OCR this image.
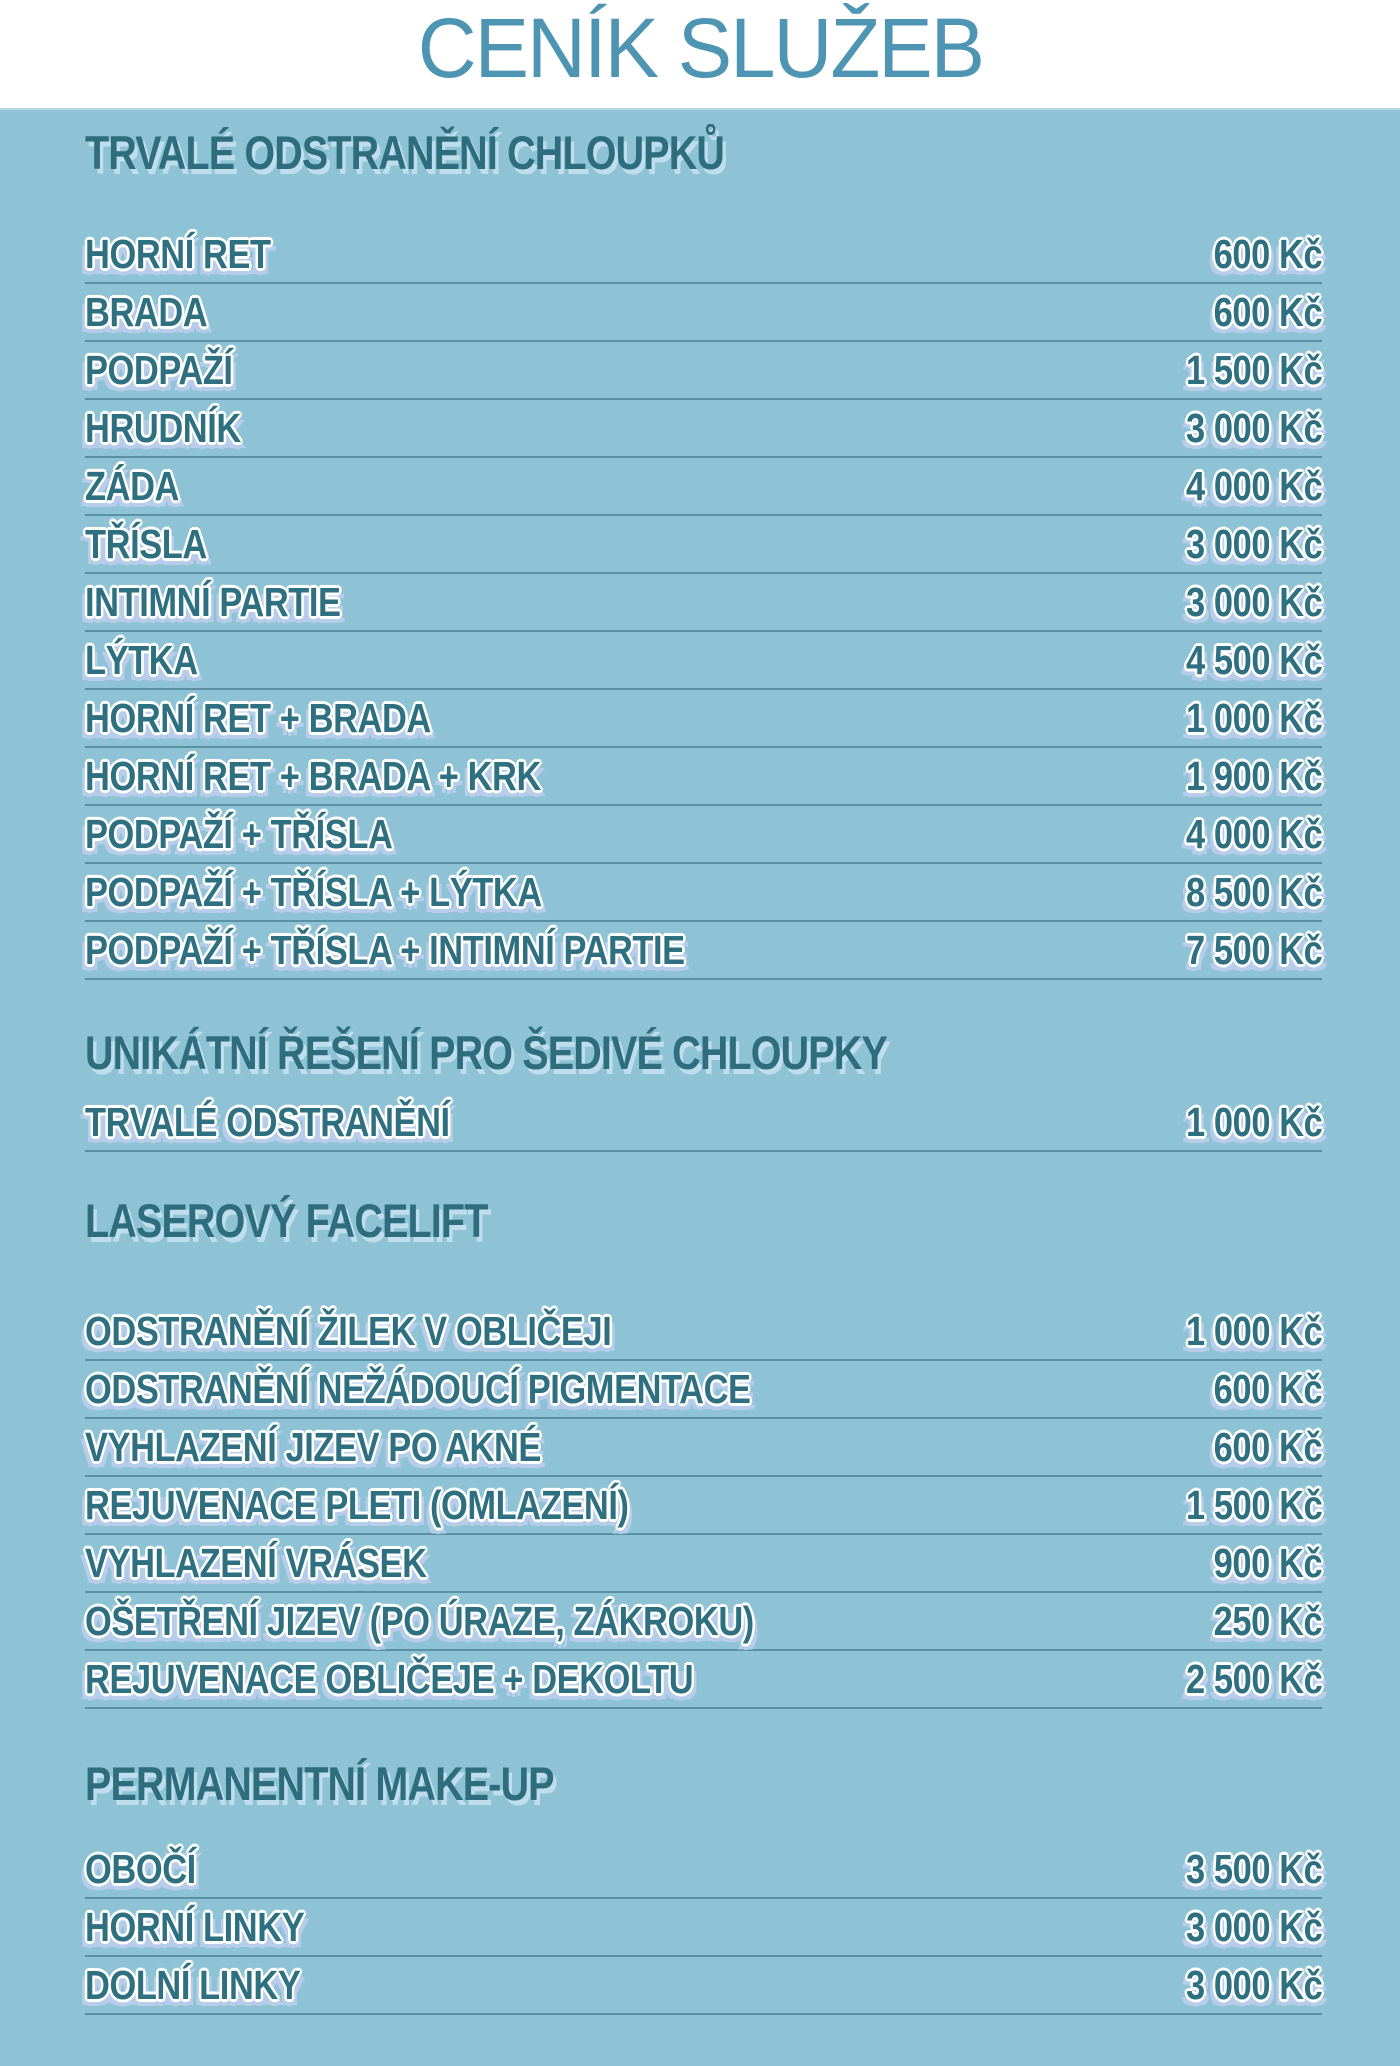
CENÍK SLUŽEB
TRVALÉ ODSTRANĚNÍ CHLOUPKŮ
HORNÍ RET	600 Kč
BRADA	600 Kč
PODPAŽÍ	1 500 Kč
HRUDNÍK	3 000 Kč
ZÁDA	4 000 Kč
TŘÍSLA	3 000 Kč
INTIMNÍ PARTIE	3 000 Kč
LÝTKA	4 500 Kč
HORNÍ RET + BRADA	1 000 Kč
HORNÍ RET + BRADA + KRK	1 900 Kč
PODPAŽÍ + TŘÍSLA	4 000 Kč
PODPAŽÍ + TŘÍSLA + LÝTKA	8 500 Kč
PODPAŽÍ + TŘÍSLA + INTIMNÍ PARTIE	7 500 Kč
UNIKÁTNÍ ŘEŠENÍ PRO ŠEDIVÉ CHLOUPKY
TRVALÉ ODSTRANĚNÍ	1 000 Kč
LASEROVÝ FACELIFT
ODSTRANĚNÍ ŽILEK V OBLIČEJI	1 000 Kč
ODSTRANĚNÍ NEŽÁDOUCÍ PIGMENTACE	600 Kč
VYHLAZENÍ JIZEV PO AKNÉ	600 Kč
REJUVENACE PLETI (OMLAZENÍ)	1 500 Kč
VYHLAZENÍ VRÁSEK	900 Kč
OŠETŘENÍ JIZEV (PO ÚRAZE, ZÁKROKU)	250 Kč
REJUVENACE OBLIČEJE + DEKOLTU	2 500 Kč
PERMANENTNÍ MAKE-UP
OBOČÍ	3 500 Kč
HORNÍ LINKY	3 000 Kč
DOLNÍ LINKY	3 000 Kč
